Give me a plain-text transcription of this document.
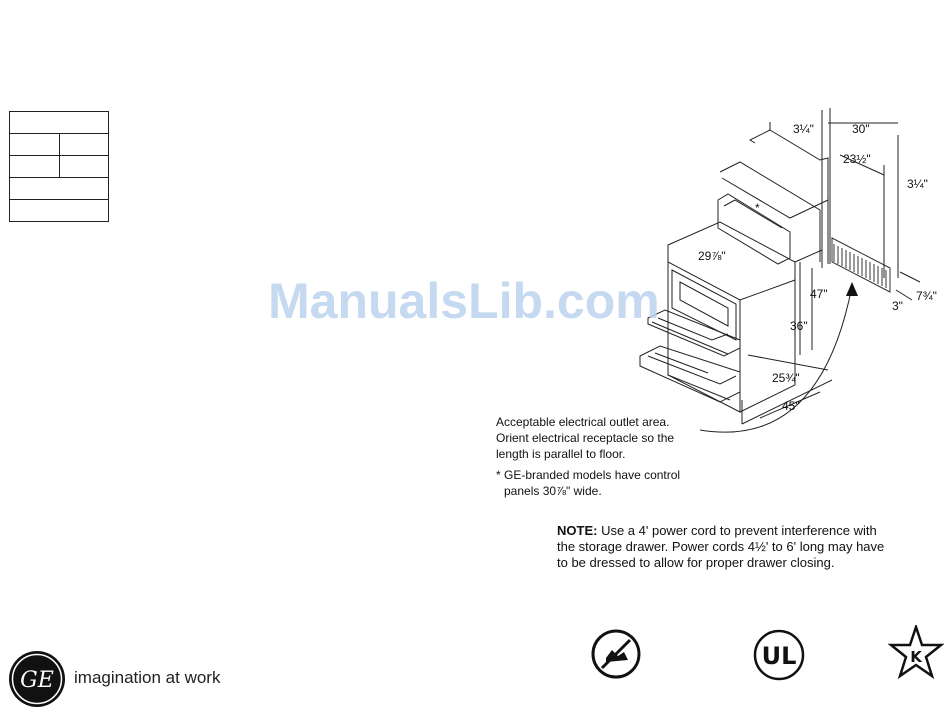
3¼"	30"
23½"
3¼"
*
29⅞"
47"
36"
7¾"
3"
25¾"
45"
ManualsLib.com
Acceptable electrical outlet area.
Orient electrical receptacle so the
length is parallel to floor.
* GE-branded models have control
panels 30⅞" wide.
NOTE: Use a 4' power cord to prevent interference with the storage drawer. Power cords 4½' to 6' long may have to be dressed to allow for proper drawer closing.
GE imagination at work
UL	K
